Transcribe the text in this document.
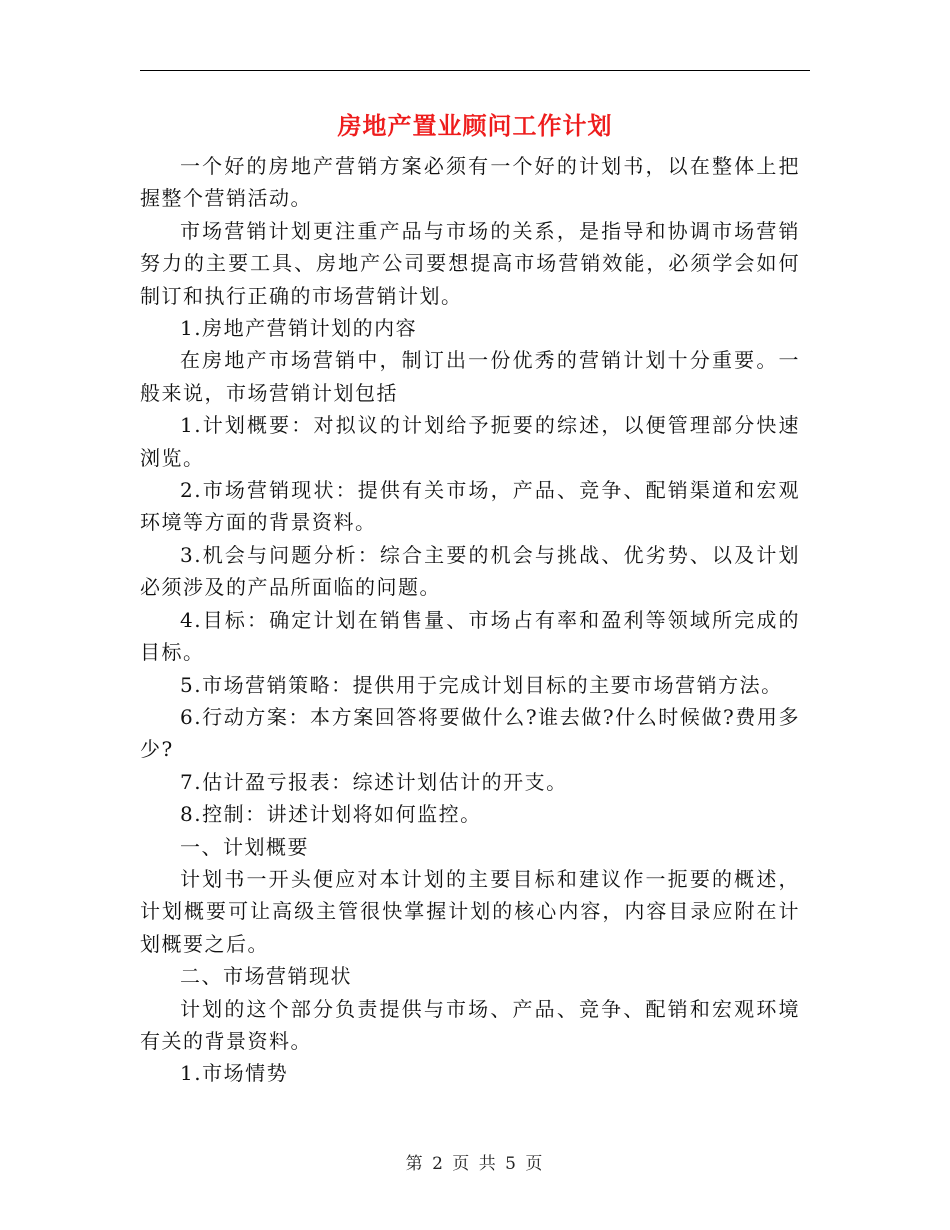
房地产置业顾问工作计划

一个好的房地产营销方案必须有一个好的计划书，以在整体上把握整个营销活动。

市场营销计划更注重产品与市场的关系，是指导和协调市场营销努力的主要工具、房地产公司要想提高市场营销效能，必须学会如何制订和执行正确的市场营销计划。

1.房地产营销计划的内容

在房地产市场营销中，制订出一份优秀的营销计划十分重要。一般来说，市场营销计划包括

1.计划概要：对拟议的计划给予扼要的综述，以便管理部分快速浏览。

2.市场营销现状：提供有关市场，产品、竞争、配销渠道和宏观环境等方面的背景资料。

3.机会与问题分析：综合主要的机会与挑战、优劣势、以及计划必须涉及的产品所面临的问题。

4.目标：确定计划在销售量、市场占有率和盈利等领域所完成的目标。

5.市场营销策略：提供用于完成计划目标的主要市场营销方法。

6.行动方案：本方案回答将要做什么?谁去做?什么时候做?费用多少?

7.估计盈亏报表：综述计划估计的开支。

8.控制：讲述计划将如何监控。

一、计划概要

计划书一开头便应对本计划的主要目标和建议作一扼要的概述，计划概要可让高级主管很快掌握计划的核心内容，内容目录应附在计划概要之后。

二、市场营销现状

计划的这个部分负责提供与市场、产品、竞争、配销和宏观环境有关的背景资料。

1.市场情势

第 2 页 共 5 页
